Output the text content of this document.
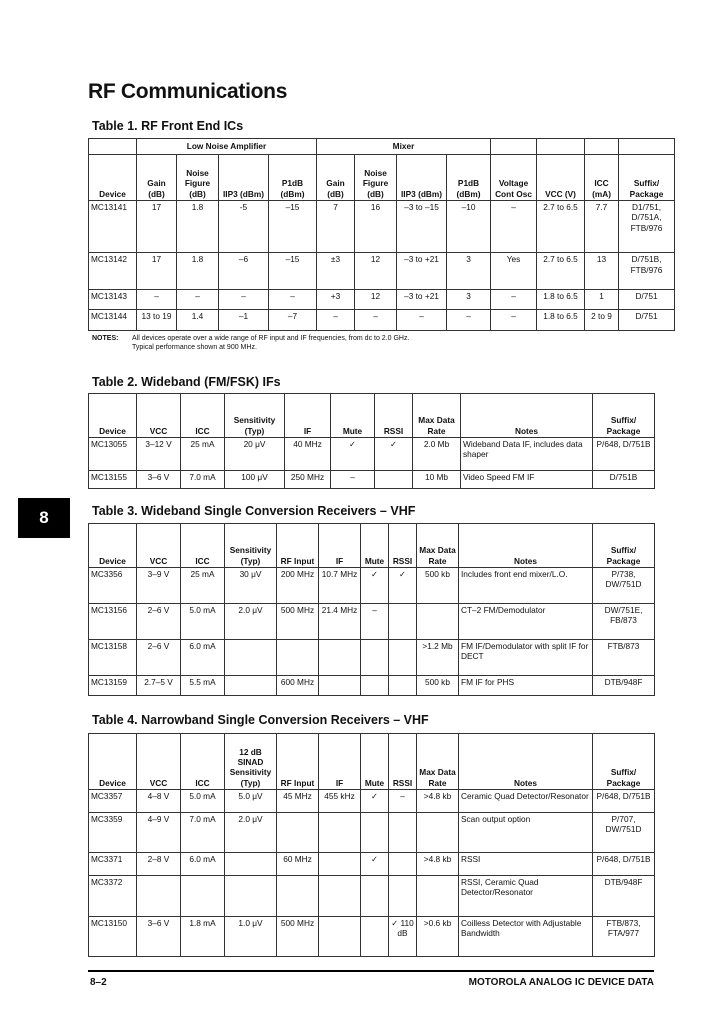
RF Communications
8
Table 1. RF Front End ICs
	Low Noise Amplifier				Mixer							
Device	Gain (dB)	Noise Figure (dB)	IIP3 (dBm)	P1dB (dBm)	Gain (dB)	Noise Figure (dB)	IIP3 (dBm)	P1dB (dBm)	Voltage Cont Osc	VCC (V)	ICC (mA)	Suffix/ Package
MC13141	17	1.8	-5	–15	7	16	–3 to –15	–10	–	2.7 to 6.5	7.7	D1/751, D/751A, FTB/976
MC13142	17	1.8	–6	–15	±3	12	–3 to +21	3	Yes	2.7 to 6.5	13	D/751B, FTB/976
MC13143	–	–	–	–	+3	12	–3 to +21	3	–	1.8 to 6.5	1	D/751
MC13144	13 to 19	1.4	–1	–7	–	–	–	–	–	1.8 to 6.5	2 to 9	D/751
NOTES: All devices operate over a wide range of RF input and IF frequencies, from dc to 2.0 GHz.
Typical performance shown at 900 MHz.
Table 2. Wideband (FM/FSK) IFs
Device	VCC	ICC	Sensitivity (Typ)	IF	Mute	RSSI	Max Data Rate	Notes	Suffix/ Package
MC13055	3–12 V	25 mA	20 μV	40 MHz	✓	✓	2.0 Mb	Wideband Data IF, includes data shaper	P/648, D/751B
MC13155	3–6 V	7.0 mA	100 μV	250 MHz	–		10 Mb	Video Speed FM IF	D/751B
Table 3. Wideband Single Conversion Receivers – VHF
Device	VCC	ICC	Sensitivity (Typ)	RF Input	IF	Mute	RSSI	Max Data Rate	Notes	Suffix/ Package
MC3356	3–9 V	25 mA	30 μV	200 MHz	10.7 MHz	✓	✓	500 kb	Includes front end mixer/L.O.	P/738, DW/751D
MC13156	2–6 V	5.0 mA	2.0 μV	500 MHz	21.4 MHz	–			CT–2 FM/Demodulator	DW/751E, FB/873
MC13158	2–6 V	6.0 mA						>1.2 Mb	FM IF/Demodulator with split IF for DECT	FTB/873
MC13159	2.7–5 V	5.5 mA		600 MHz				500 kb	FM IF for PHS	DTB/948F
Table 4. Narrowband Single Conversion Receivers – VHF
Device	VCC	ICC	12 dB SINAD Sensitivity (Typ)	RF Input	IF	Mute	RSSI	Max Data Rate	Notes	Suffix/ Package
MC3357	4–8 V	5.0 mA	5.0 μV	45 MHz	455 kHz	✓	–	>4.8 kb	Ceramic Quad Detector/Resonator	P/648, D/751B
MC3359	4–9 V	7.0 mA	2.0 μV						Scan output option	P/707, DW/751D
MC3371	2–8 V	6.0 mA		60 MHz		✓		>4.8 kb	RSSI	P/648, D/751B
MC3372									RSSI, Ceramic Quad Detector/Resonator	DTB/948F
MC13150	3–6 V	1.8 mA	1.0 μV	500 MHz			✓ 110 dB	>0.6 kb	Coilless Detector with Adjustable Bandwidth	FTB/873, FTA/977
8–2	MOTOROLA ANALOG IC DEVICE DATA
